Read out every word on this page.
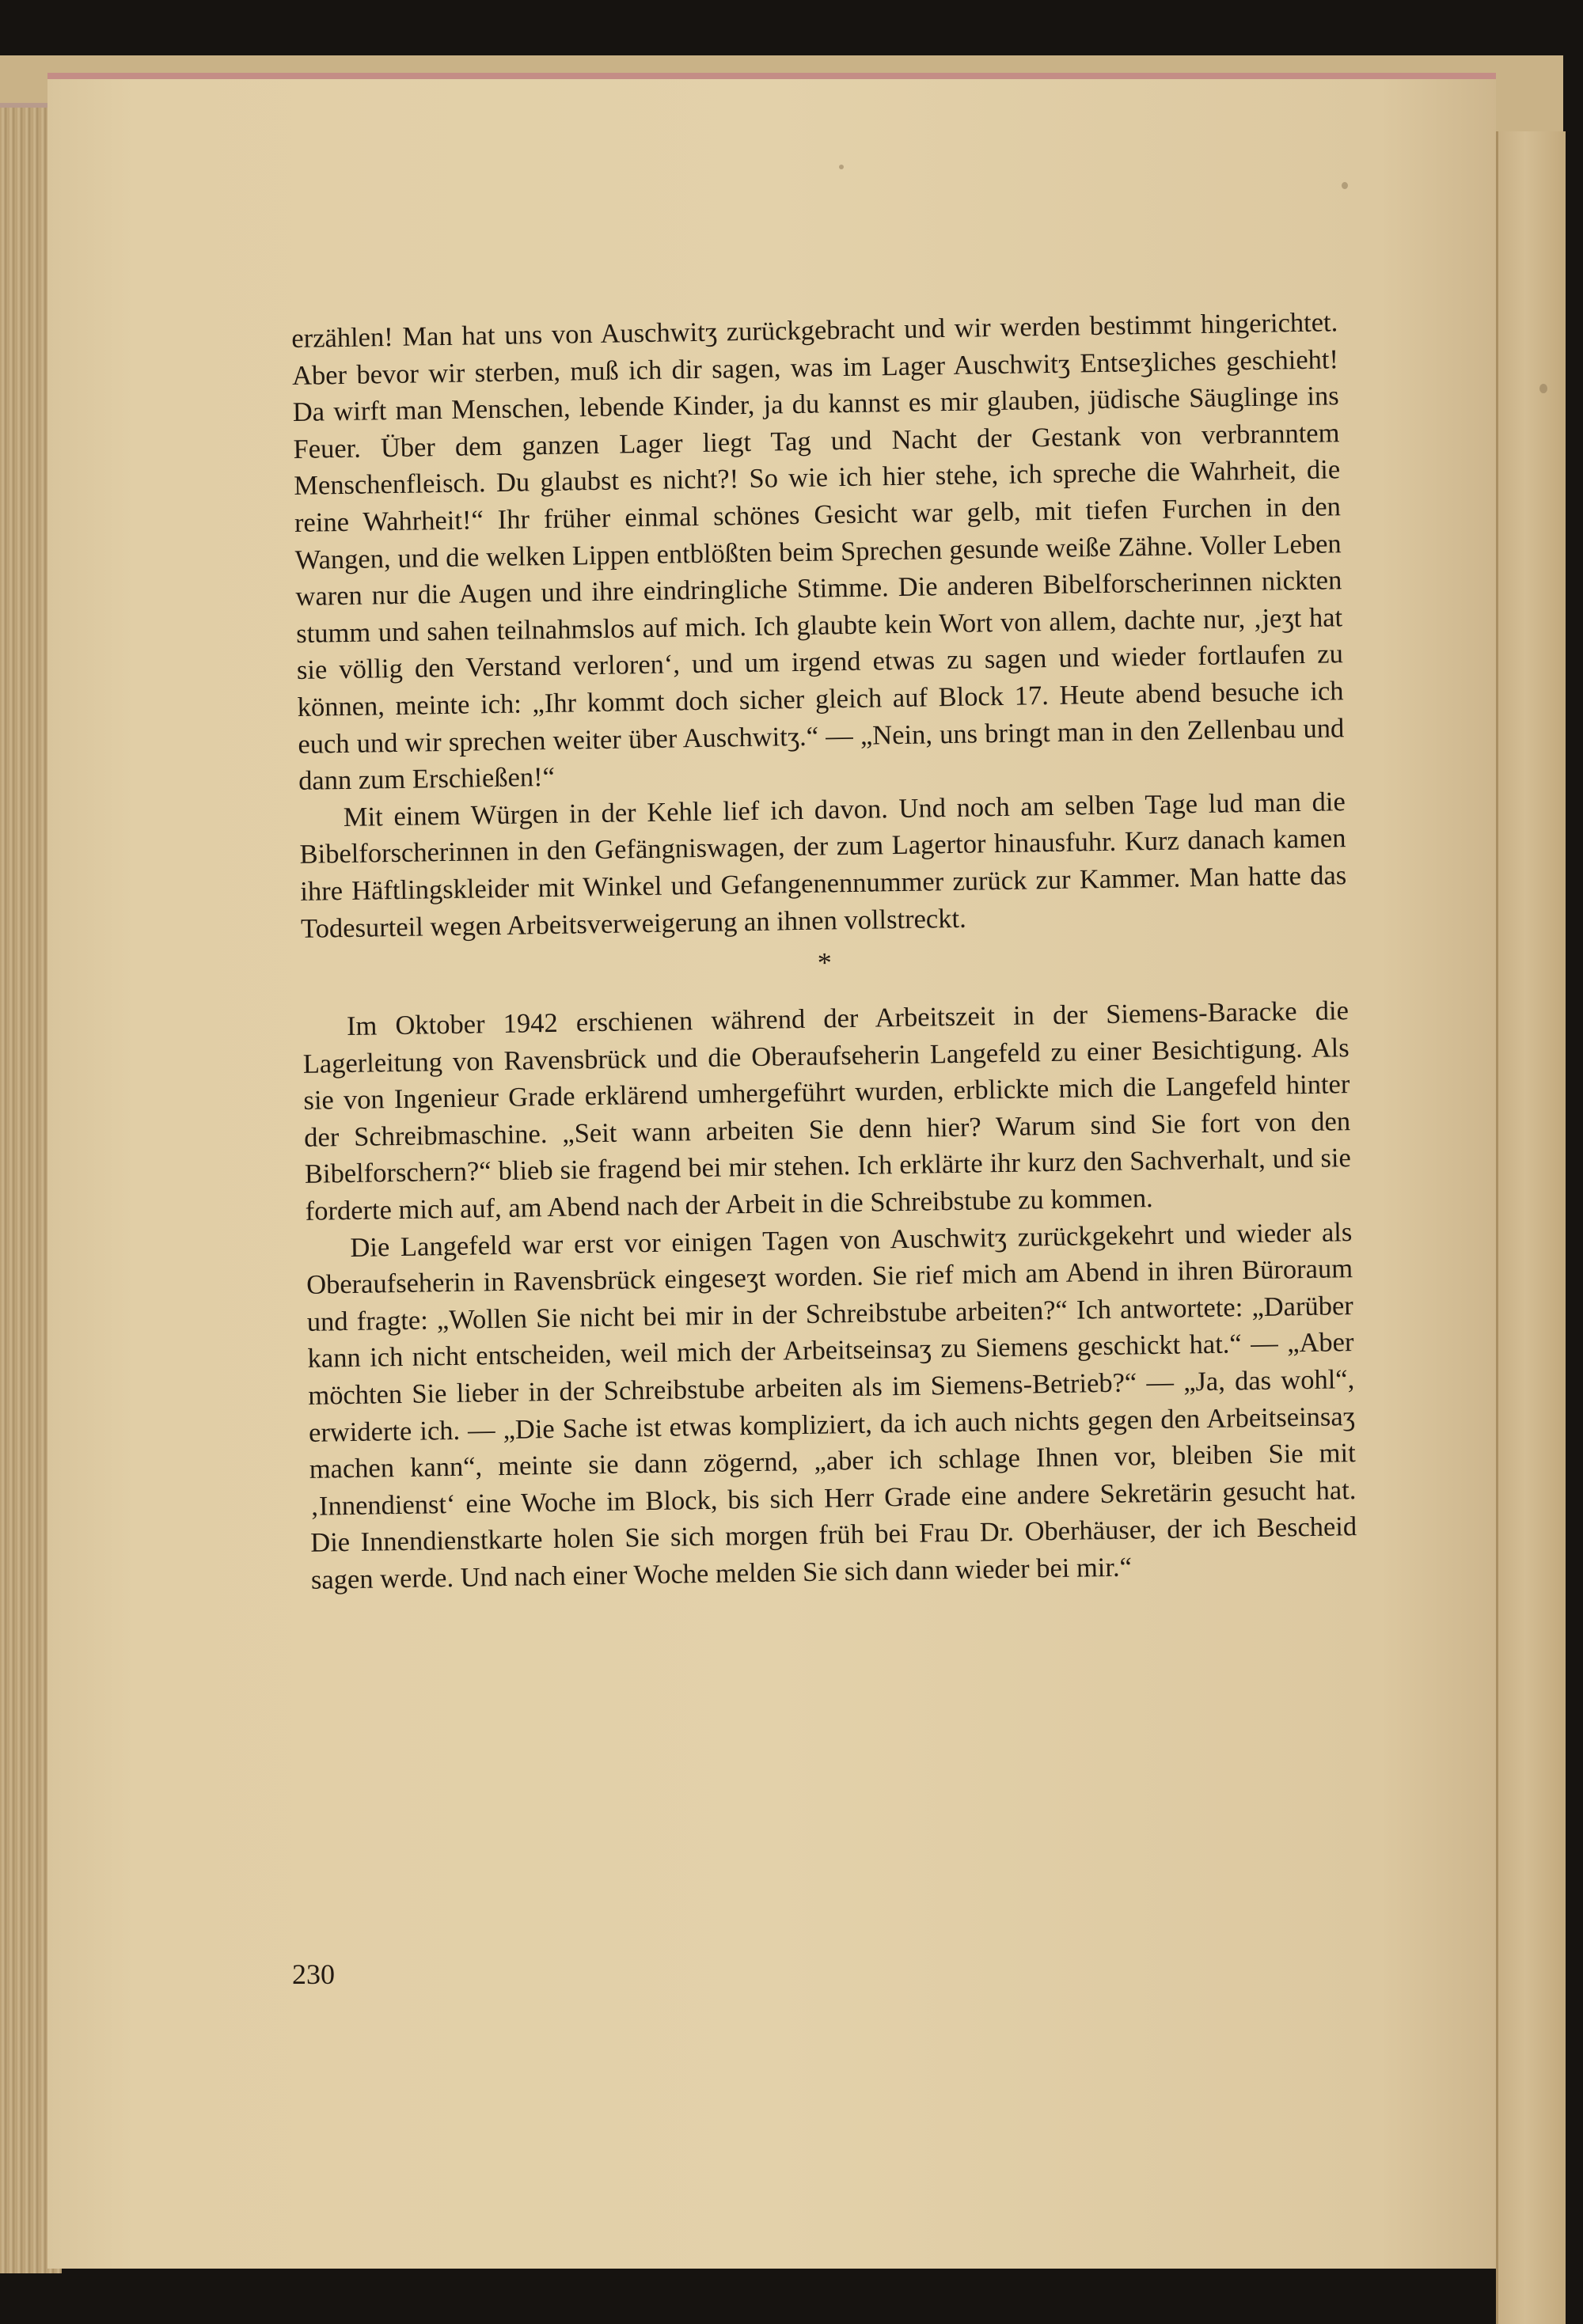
erzählen! Man hat uns von Auschwitʒ zurückgebracht und wir werden bestimmt hingerichtet. Aber bevor wir sterben, muß ich dir sagen, was im Lager Auschwitʒ Entseʒliches geschieht! Da wirft man Menschen, lebende Kinder, ja du kannst es mir glauben, jüdische Säuglinge ins Feuer. Über dem ganzen Lager liegt Tag und Nacht der Gestank von verbranntem Menschenfleisch. Du glaubst es nicht?! So wie ich hier stehe, ich spreche die Wahrheit, die reine Wahrheit!“ Ihr früher einmal schönes Gesicht war gelb, mit tiefen Furchen in den Wangen, und die welken Lippen entblößten beim Sprechen gesunde weiße Zähne. Voller Leben waren nur die Augen und ihre eindringliche Stimme. Die anderen Bibelforscherinnen nickten stumm und sahen teilnahmslos auf mich. Ich glaubte kein Wort von allem, dachte nur, ‚jeʒt hat sie völlig den Verstand verloren‘, und um irgend etwas zu sagen und wieder fortlaufen zu können, meinte ich: „Ihr kommt doch sicher gleich auf Block 17. Heute abend besuche ich euch und wir sprechen weiter über Auschwitʒ.“ — „Nein, uns bringt man in den Zellenbau und dann zum Erschießen!“

Mit einem Würgen in der Kehle lief ich davon. Und noch am selben Tage lud man die Bibelforscherinnen in den Gefängniswagen, der zum Lagertor hinausfuhr. Kurz danach kamen ihre Häftlingskleider mit Winkel und Gefangenennummer zurück zur Kammer. Man hatte das Todesurteil wegen Arbeitsverweigerung an ihnen vollstreckt.

*

Im Oktober 1942 erschienen während der Arbeitszeit in der Siemens-Baracke die Lagerleitung von Ravensbrück und die Oberaufseherin Langefeld zu einer Besichtigung. Als sie von Ingenieur Grade erklärend umhergeführt wurden, erblickte mich die Langefeld hinter der Schreibmaschine. „Seit wann arbeiten Sie denn hier? Warum sind Sie fort von den Bibelforschern?“ blieb sie fragend bei mir stehen. Ich erklärte ihr kurz den Sachverhalt, und sie forderte mich auf, am Abend nach der Arbeit in die Schreibstube zu kommen.

Die Langefeld war erst vor einigen Tagen von Auschwitʒ zurückgekehrt und wieder als Oberaufseherin in Ravensbrück eingeseʒt worden. Sie rief mich am Abend in ihren Büroraum und fragte: „Wollen Sie nicht bei mir in der Schreibstube arbeiten?“ Ich antwortete: „Darüber kann ich nicht entscheiden, weil mich der Arbeitseinsaʒ zu Siemens geschickt hat.“ — „Aber möchten Sie lieber in der Schreibstube arbeiten als im Siemens-Betrieb?“ — „Ja, das wohl“, erwiderte ich. — „Die Sache ist etwas kompliziert, da ich auch nichts gegen den Arbeitseinsaʒ machen kann“, meinte sie dann zögernd, „aber ich schlage Ihnen vor, bleiben Sie mit ‚Innendienst‘ eine Woche im Block, bis sich Herr Grade eine andere Sekretärin gesucht hat. Die Innendienstkarte holen Sie sich morgen früh bei Frau Dr. Oberhäuser, der ich Bescheid sagen werde. Und nach einer Woche melden Sie sich dann wieder bei mir.“

230
